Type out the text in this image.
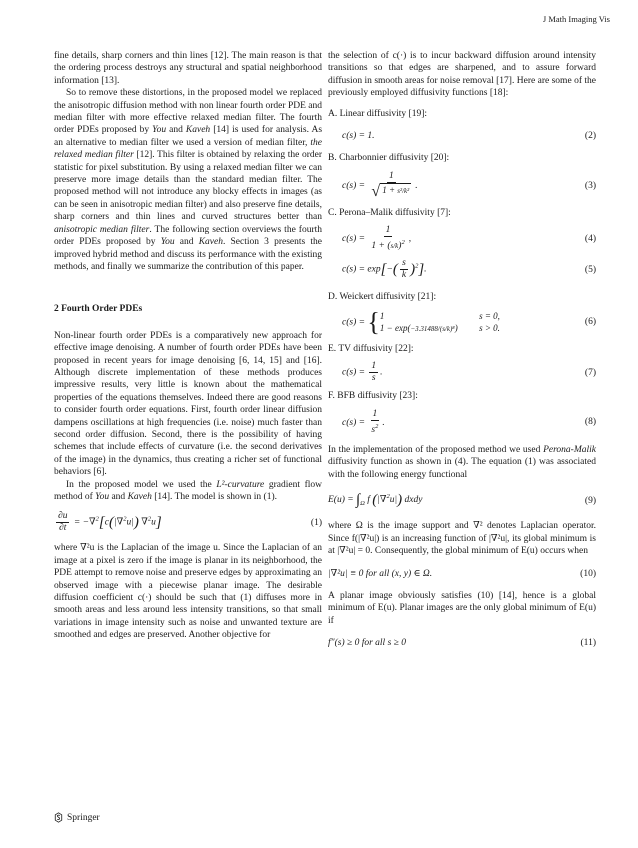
J Math Imaging Vis

fine details, sharp corners and thin lines [12]. The main reason is that the ordering process destroys any structural and spatial neighborhood information [13].

So to remove these distortions, in the proposed model we replaced the anisotropic diffusion method with non linear fourth order PDE and median filter with more effective relaxed median filter. The fourth order PDEs proposed by You and Kaveh [14] is used for analysis. As an alternative to median filter we used a version of median filter, the relaxed median filter [12]. This filter is obtained by relaxing the order statistic for pixel substitution. By using a relaxed median filter we can preserve more image details than the standard median filter. The proposed method will not introduce any blocky effects in images (as can be seen in anisotropic median filter) and also preserve fine details, sharp corners and thin lines and curved structures better than anisotropic median filter. The following section overviews the fourth order PDEs proposed by You and Kaveh. Section 3 presents the improved hybrid method and discuss its performance with the existing methods, and finally we summarize the contribution of this paper.

2 Fourth Order PDEs

Non-linear fourth order PDEs is a comparatively new approach for effective image denoising. A number of fourth order PDEs have been proposed in recent years for image denoising [6, 14, 15] and [16]. Although discrete implementation of these methods produces impressive results, very little is known about the mathematical properties of the equations themselves. Indeed there are good reasons to consider fourth order equations. First, fourth order linear diffusion dampens oscillations at high frequencies (i.e. noise) much faster than second order diffusion. Second, there is the possibility of having schemes that include effects of curvature (i.e. the second derivatives of the image) in the dynamics, thus creating a richer set of functional behaviors [6].

In the proposed model we used the L²-curvature gradient flow method of You and Kaveh [14]. The model is shown in (1).

$\frac{\partial u}{\partial t} = -\nabla^2[c(|\nabla^2u|)$ ∇$^2$u]	(1)

where ∇²u is the Laplacian of the image u. Since the Laplacian of an image at a pixel is zero if the image is planar in its neighborhood, the PDE attempt to remove noise and preserve edges by approximating an observed image with a piecewise planar image. The desirable diffusion coefficient c(·) should be such that (1) diffuses more in smooth areas and less around less intensity transitions, so that small variations in image intensity such as noise and unwanted texture are smoothed and edges are preserved. Another objective for

the selection of c(·) is to incur backward diffusion around intensity transitions so that edges are sharpened, and to assure forward diffusion in smooth areas for noise removal [17]. Here are some of the previously employed diffusivity functions [18]:

A. Linear diffusivity [19]:

c(s) = 1.	(2)

B. Charbonnier diffusivity [20]:

$c(s) = \frac{1}{\text{√ 1 + s²/k²}}$ .	(3)

C. Perona–Malik diffusivity [7]:

$c(s) = \frac{1}{1 + (s/k)^2}$ ,	(4)
$c(s) = \exp[-( \frac{s}{k} )^2]$.	(5)

D. Weickert diffusivity [21]:

c(s) = { 1	s = 0,
1 − exp(−3.31488/(s/k)⁸) s > 0.
(6)

E. TV diffusivity [22]:

$c(s) = \frac{1}{s}$ .	(7)

F. BFB diffusivity [23]:

$c(s) = \frac{1}{s^2}$ .	(8)

In the implementation of the proposed method we used Perona-Malik diffusivity function as shown in (4). The equation (1) was associated with the following energy functional

$E(u) = \int_\Omega$ f (|∇$^2$u|) dxdy	(9)

where Ω is the image support and ∇² denotes Laplacian operator. Since f(|∇²u|) is an increasing function of |∇²u|, its global minimum is at |∇²u| = 0. Consequently, the global minimum of E(u) occurs when

|∇²u| ≡ 0 for all (x, y) ∈ Ω.	(10)

A planar image obviously satisfies (10) [14], hence is a global minimum of E(u). Planar images are the only global minimum of E(u) if

f″(s) ≥ 0 for all s ≥ 0	(11)
Springer
